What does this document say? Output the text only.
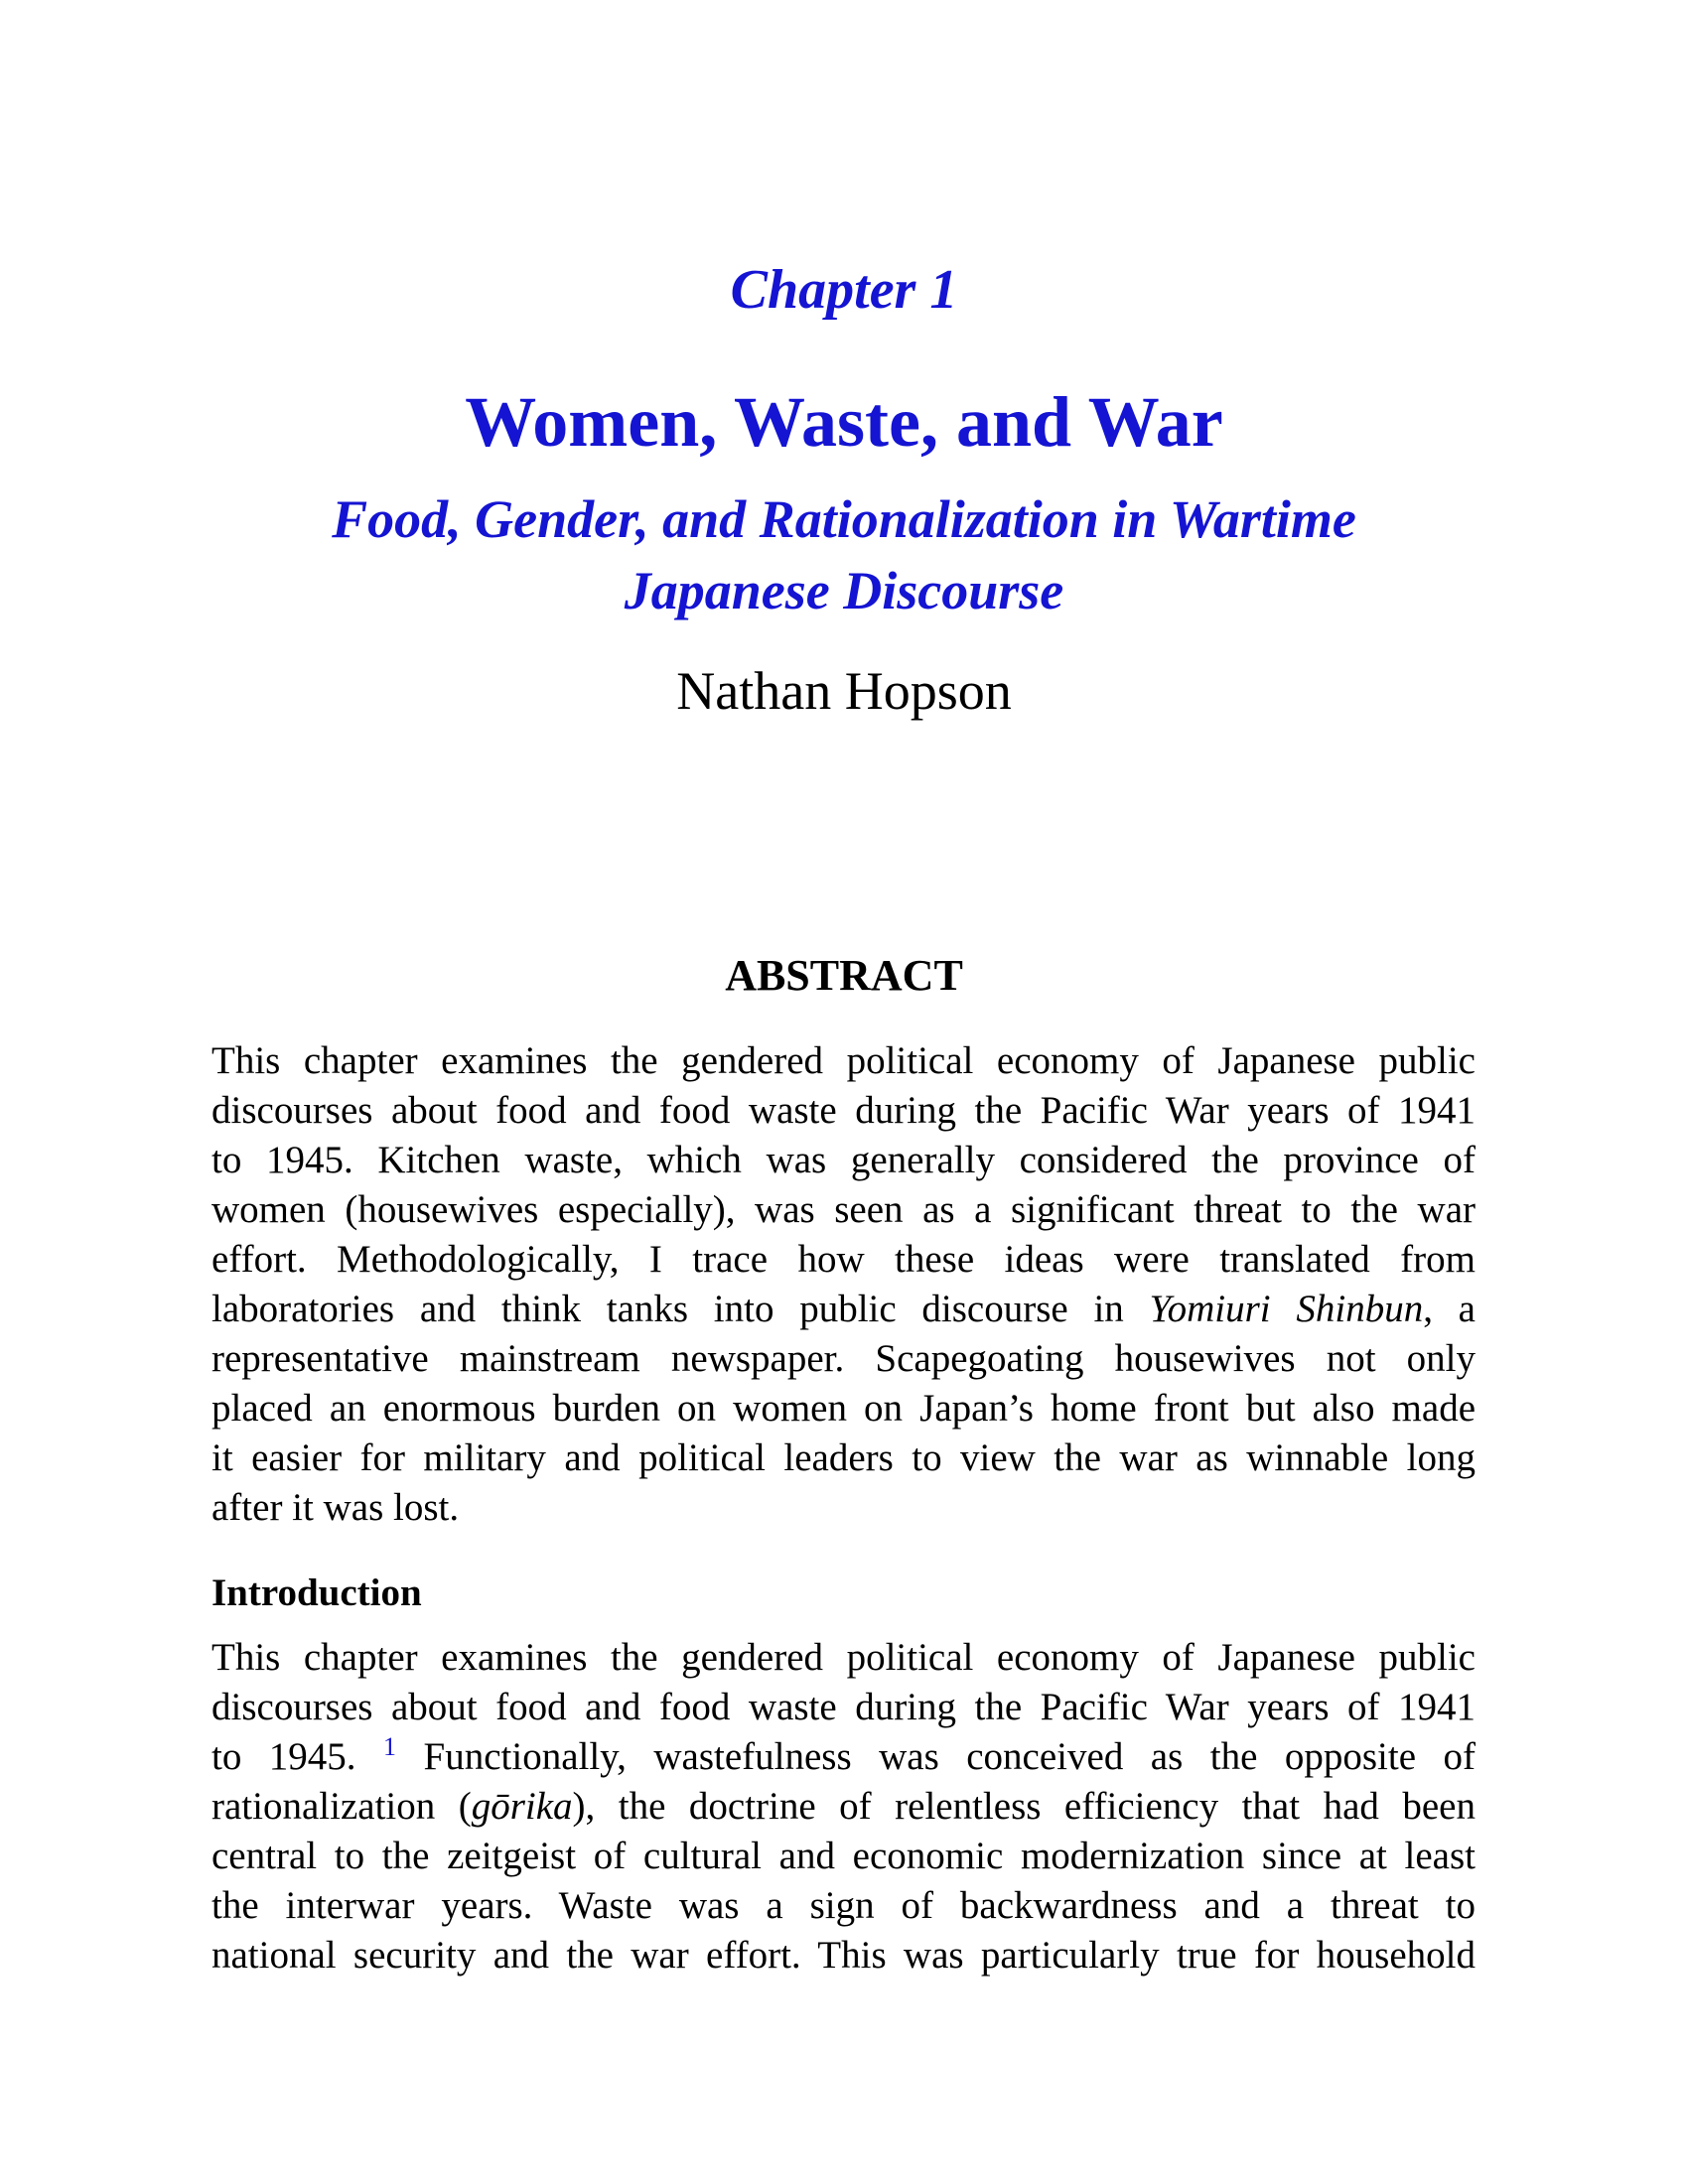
Chapter 1
Women, Waste, and War
Food, Gender, and Rationalization in Wartime
Japanese Discourse
Nathan Hopson
ABSTRACT
This chapter examines the gendered political economy of Japanese public
discourses about food and food waste during the Pacific War years of 1941
to 1945. Kitchen waste, which was generally considered the province of
women (housewives especially), was seen as a significant threat to the war
effort. Methodologically, I trace how these ideas were translated from
laboratories and think tanks into public discourse in Yomiuri Shinbun, a
representative mainstream newspaper. Scapegoating housewives not only
placed an enormous burden on women on Japan’s home front but also made
it easier for military and political leaders to view the war as winnable long
after it was lost.
Introduction
This chapter examines the gendered political economy of Japanese public
discourses about food and food waste during the Pacific War years of 1941
to 1945. $^1$ Functionally, wastefulness was conceived as the opposite of
rationalization (gōrika), the doctrine of relentless efficiency that had been
central to the zeitgeist of cultural and economic modernization since at least
the interwar years. Waste was a sign of backwardness and a threat to
national security and the war effort. This was particularly true for household
